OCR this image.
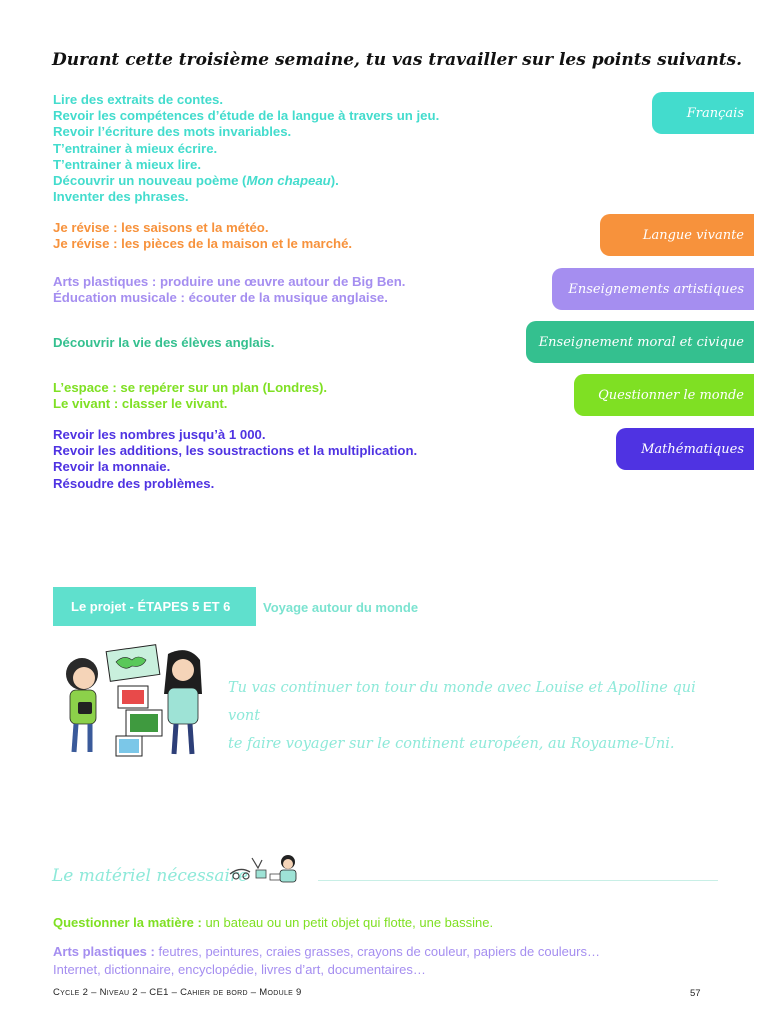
Durant cette troisième semaine, tu vas travailler sur les points suivants.
Lire des extraits de contes.
Revoir les compétences d’étude de la langue à travers un jeu.
Revoir l’écriture des mots invariables.
T’entrainer à mieux écrire.
T’entrainer à mieux lire.
Découvrir un nouveau poème (Mon chapeau).
Inventer des phrases.
Français
Je révise : les saisons et la météo.
Je révise : les pièces de la maison et le marché.
Langue vivante
Arts plastiques : produire une œuvre autour de Big Ben.
Éducation musicale : écouter de la musique anglaise.
Enseignements artistiques
Découvrir la vie des élèves anglais.	Enseignement moral et civique
L’espace : se repérer sur un plan (Londres).
Le vivant : classer le vivant.
Questionner le monde
Revoir les nombres jusqu’à 1 000.
Revoir les additions, les soustractions et la multiplication.
Revoir la monnaie.
Résoudre des problèmes.
Mathématiques
Le projet - ÉTAPES 5 ET 6	Voyage autour du monde
Tu vas continuer ton tour du monde avec Louise et Apolline qui vont
te faire voyager sur le continent européen, au Royaume-Uni.
Le matériel nécessaire
Questionner la matière : un bateau ou un petit objet qui flotte, une bassine.
Arts plastiques : feutres, peintures, craies grasses, crayons de couleur, papiers de couleurs…
Internet, dictionnaire, encyclopédie, livres d’art, documentaires…
Cycle 2 – Niveau 2 – CE1 – Cahier de bord – Module 9	57
